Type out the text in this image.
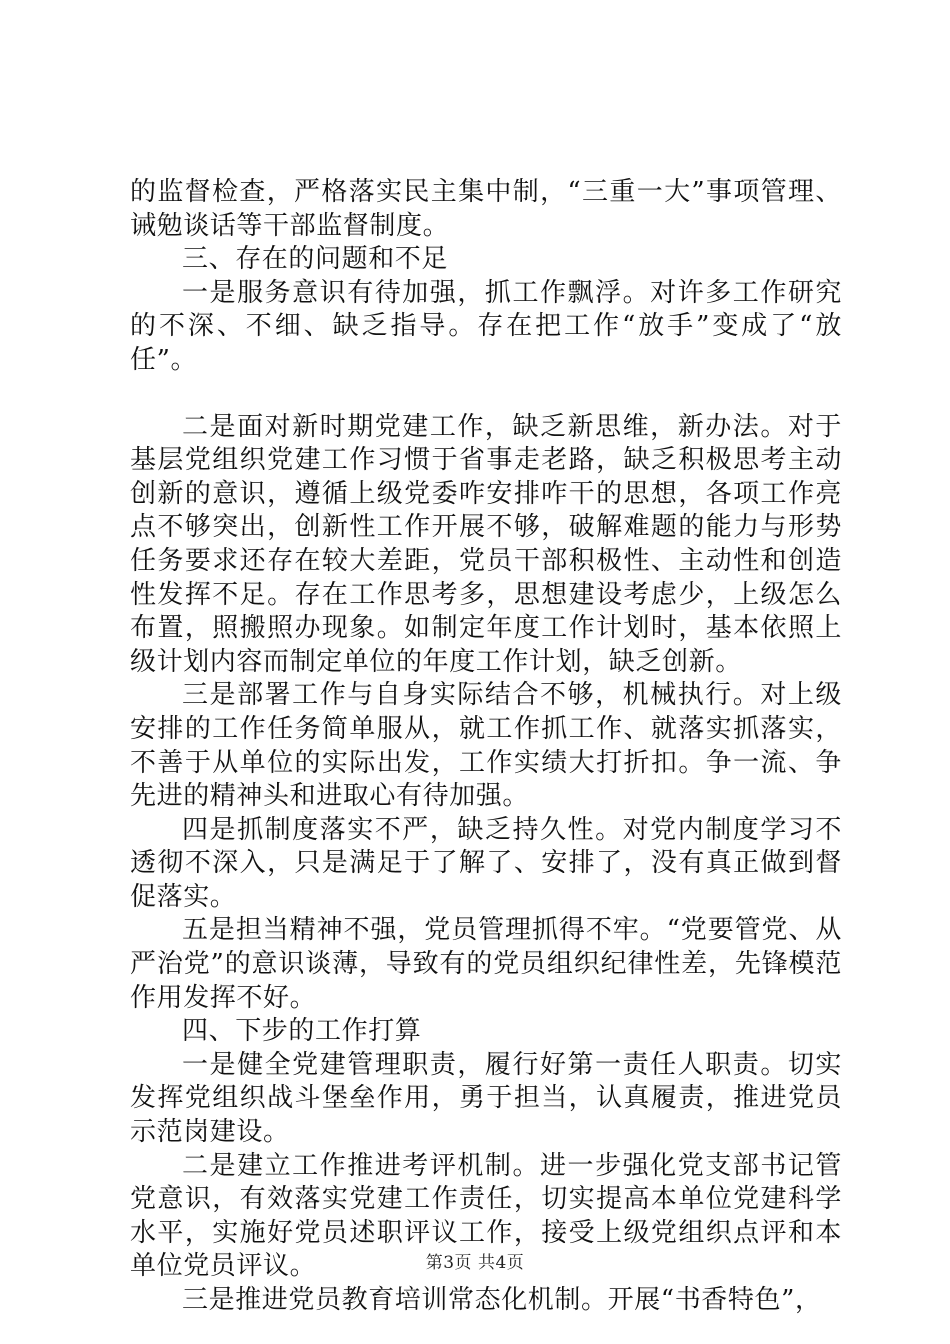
的监督检查，严格落实民主集中制，“三重一大”事项管理、诫勉谈话等干部监督制度。

三、存在的问题和不足

一是服务意识有待加强，抓工作飘浮。对许多工作研究的不深、不细、缺乏指导。存在把工作“放手”变成了“放任”。

二是面对新时期党建工作，缺乏新思维，新办法。对于基层党组织党建工作习惯于省事走老路，缺乏积极思考主动创新的意识，遵循上级党委咋安排咋干的思想，各项工作亮点不够突出，创新性工作开展不够，破解难题的能力与形势任务要求还存在较大差距，党员干部积极性、主动性和创造性发挥不足。存在工作思考多，思想建设考虑少，上级怎么布置，照搬照办现象。如制定年度工作计划时，基本依照上级计划内容而制定单位的年度工作计划，缺乏创新。

三是部署工作与自身实际结合不够，机械执行。对上级安排的工作任务简单服从，就工作抓工作、就落实抓落实，不善于从单位的实际出发，工作实绩大打折扣。争一流、争先进的精神头和进取心有待加强。

四是抓制度落实不严，缺乏持久性。对党内制度学习不透彻不深入，只是满足于了解了、安排了，没有真正做到督促落实。

五是担当精神不强，党员管理抓得不牢。“党要管党、从严治党”的意识谈薄，导致有的党员组织纪律性差，先锋模范作用发挥不好。

四、下步的工作打算

一是健全党建管理职责，履行好第一责任人职责。切实发挥党组织战斗堡垒作用，勇于担当，认真履责，推进党员示范岗建设。

二是建立工作推进考评机制。进一步强化党支部书记管党意识，有效落实党建工作责任，切实提高本单位党建科学水平，实施好党员述职评议工作，接受上级党组织点评和本单位党员评议。

三是推进党员教育培训常态化机制。开展“书香特色”，

第3页 共4页
